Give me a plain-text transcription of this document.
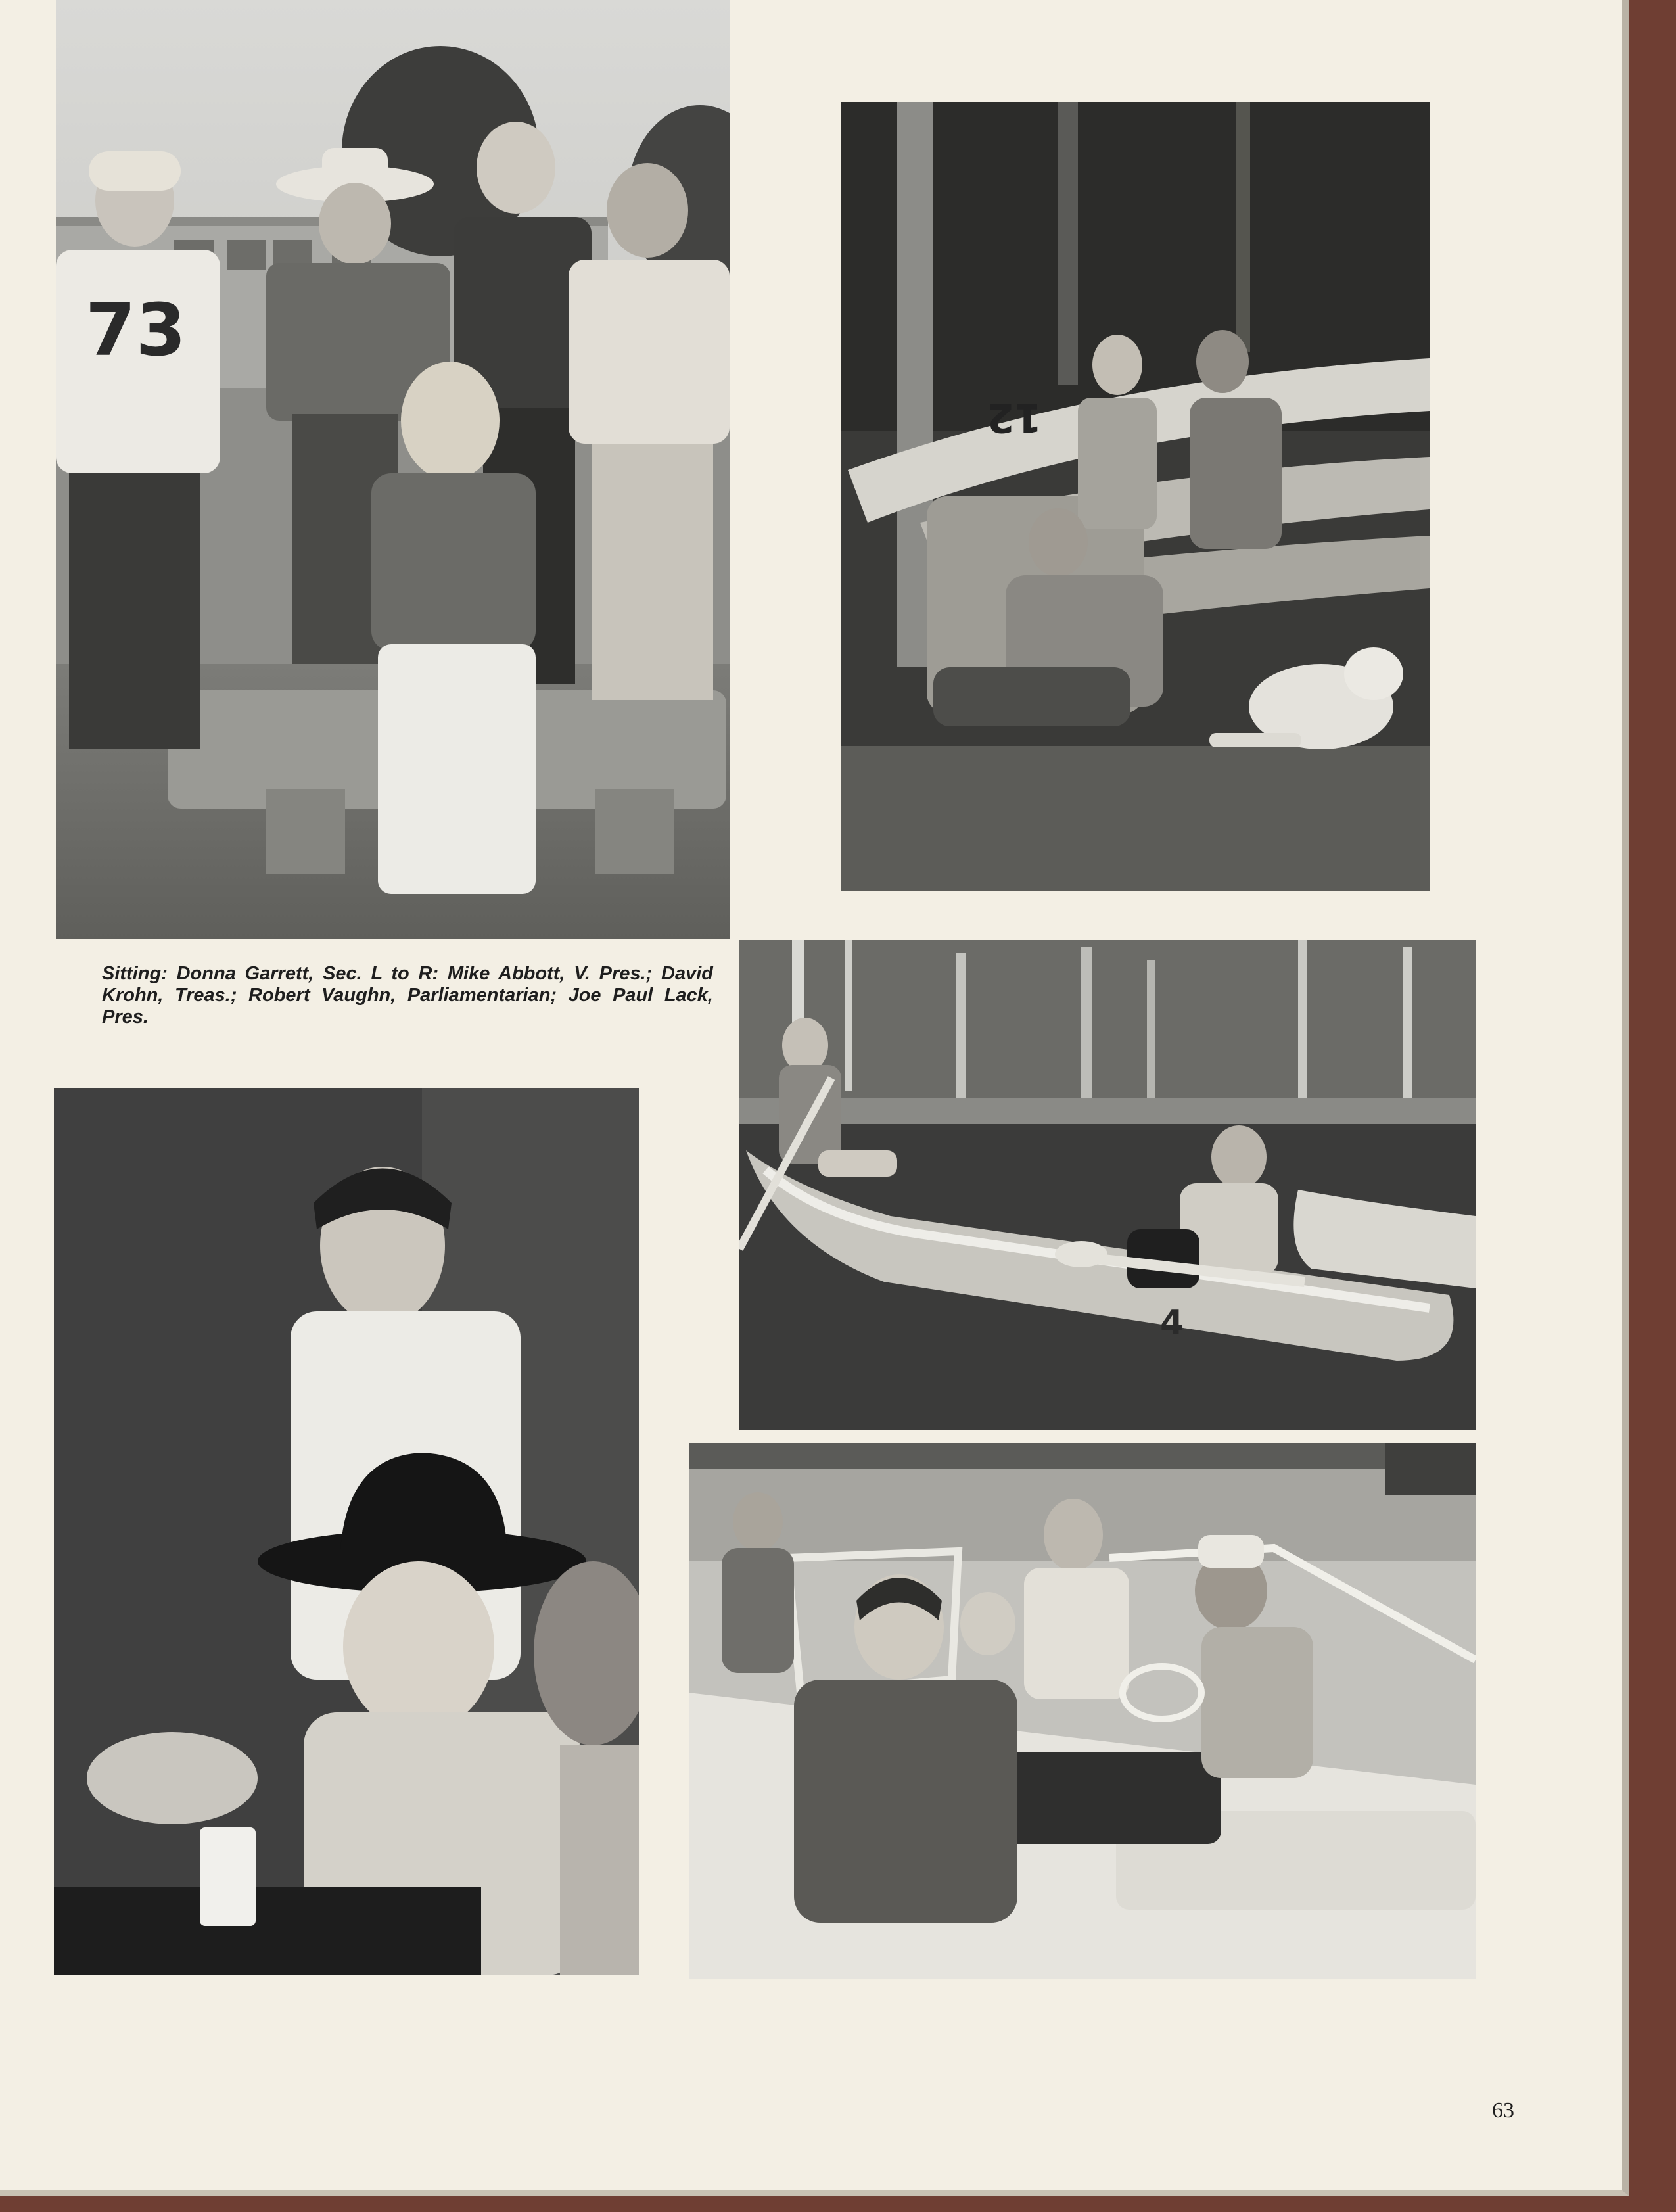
73
12
4

Sitting: Donna Garrett, Sec. L to R: Mike Abbott, V. Pres.; David Krohn, Treas.; Robert Vaughn, Parliamentarian; Joe Paul Lack, Pres.

63
